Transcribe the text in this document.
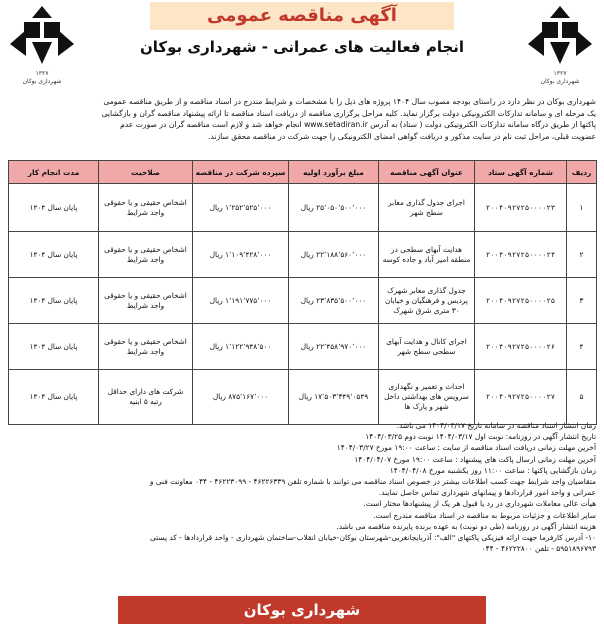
۱۳۲۷
شهرداری بوکان
۱۳۲۷
شهرداری بوکان
آگهی مناقصه عمومی
انجام فعالیت های عمرانی - شهرداری بوکان
شهرداری بوکان در نظر دارد در راستای بودجه مصوب سال ۱۴۰۴ پروژه های ذیل را با مشخصات و شرایط مندرج در اسناد مناقصه و از طریق مناقصه عمومی
یک مرحله ای و سامانه تدارکات الکترونیکی دولت برگزار نماید. کلیه مراحل برگزاری مناقصه از دریافت اسناد مناقصه تا ارائه پیشنهاد مناقصه گران و بازگشایی
پاکتها از طریق درگاه سامانه تدارکات الکترونیکی دولت ( ستاد) به آدرس www.setadiran.ir انجام خواهد شد و لازم است مناقصه گران در صورت عدم
عضویت قبلی، مراحل ثبت نام در سایت مذکور و دریافت گواهی امضای الکترونیکی را جهت شرکت در مناقصه محقق سازند.
ردیف	شماره آگهی ستاد	عنوان آگهی مناقصه	مبلغ برآورد اولیه	سپرده شرکت در مناقصه	صلاحیت	مدت انجام کار
۱	۲۰۰۴۰۹۲۷۲۵۰۰۰۰۲۳	اجرای جدول گذاری معابر سطح شهر	۲۵٬۰۵۰٬۵۰۰٬۰۰۰ ریال	۱٬۲۵۲٬۵۲۵٬۰۰۰ ریال	اشخاص حقیقی و یا حقوقی واجد شرایط	پایان سال ۱۴۰۴
۲	۲۰۰۴۰۹۲۷۲۵۰۰۰۰۲۴	هدایت آبهای سطحی در منطقه امیر آباد و جاده کوسه	۲۲٬۱۸۸٬۵۶۰٬۰۰۰ ریال	۱٬۱۰۹٬۴۲۸٬۰۰۰ ریال	اشخاص حقیقی و یا حقوقی واجد شرایط	پایان سال ۱۴۰۴
۳	۲۰۰۴۰۹۲۷۲۵۰۰۰۰۲۵	جدول گذاری معابر شهرک پردیس و فرهنگیان و خیابان ۳۰ متری شرق شهرک	۲۳٬۸۳۵٬۵۰۰٬۰۰۰ ریال	۱٬۱۹۱٬۷۷۵٬۰۰۰ ریال	اشخاص حقیقی و یا حقوقی واجد شرایط	پایان سال ۱۴۰۴
۴	۲۰۰۴۰۹۲۷۲۵۰۰۰۰۲۶	اجرای کانال و هدایت آبهای سطحی سطح شهر	۲۲٬۴۵۸٬۹۷۰٬۰۰۰ ریال	۱٬۱۲۲٬۹۴۸٬۵۰۰ ریال	اشخاص حقیقی و یا حقوقی واجد شرایط	پایان سال ۱۴۰۴
۵	۲۰۰۴۰۹۲۷۲۵۰۰۰۰۲۷	احداث و تعمیر و نگهداری سرویس های بهداشتی داخل شهر و پارک ها	۱۷٬۵۰۳٬۳۴۹٬۰۵۴۹ ریال	۸۷۵٬۱۶۷٬۰۰۰ ریال	شرکت های دارای حداقل رتبه ۵ ابنیه	پایان سال ۱۴۰۴
زمان انتشار اسناد مناقصه در سامانه تاریخ ۱۴۰۴/۰۳/۱۷ می باشد.
تاریخ انتشار آگهی در روزنامه: نوبت اول ۱۴۰۴/۰۳/۱۷ نوبت دوم ۱۴۰۴/۰۳/۲۵
آخرین مهلت زمانی دریافت اسناد مناقصه از سایت : ساعت ۱۹:۰۰ مورخ ۱۴۰۴/۰۳/۲۷
آخرین مهلت زمانی ارسال پاکت های پیشنهاد : ساعت ۱۹:۰۰ مورخ ۱۴۰۴/۰۴/۰۷
زمان بازگشایی پاکتها : ساعت ۱۱:۰۰ روز یکشنبه مورخ ۱۴۰۴/۰۴/۰۸
متقاضیان واجد شرایط جهت کسب اطلاعات بیشتر در خصوص اسناد مناقصه می توانند با شماره تلفن ۴۶۲۲۶۳۳۹ - ۴۶۲۲۳۰۹۹ - ۰۴۴ معاونت فنی و
عمرانی و واحد امور قراردادها و پیمانهای شهرداری تماس حاصل نمایند.
هیأت عالی معاملات شهرداری در رد یا قبول هر یک از پیشنهادها مختار است.
سایر اطلاعات و جزئیات مربوط به مناقصه در اسناد مناقصه مندرج است.
هزینه انتشار آگهی در روزنامه (طی دو نوبت) به عهده برنده پایرنده مناقصه می باشد.
۱۰- آدرس کارفرما جهت ارائه فیزیکی پاکتهای "الف": آذربایجانغربی-شهرستان بوکان-خیابان انقلاب-ساختمان شهرداری - واحد قراردادها - کد پستی
۵۹۵۱۸۹۶۷۹۳ - تلفن ۴۶۲۲۲۸۰۰ - ۰۴۴
شهرداری بوکان
